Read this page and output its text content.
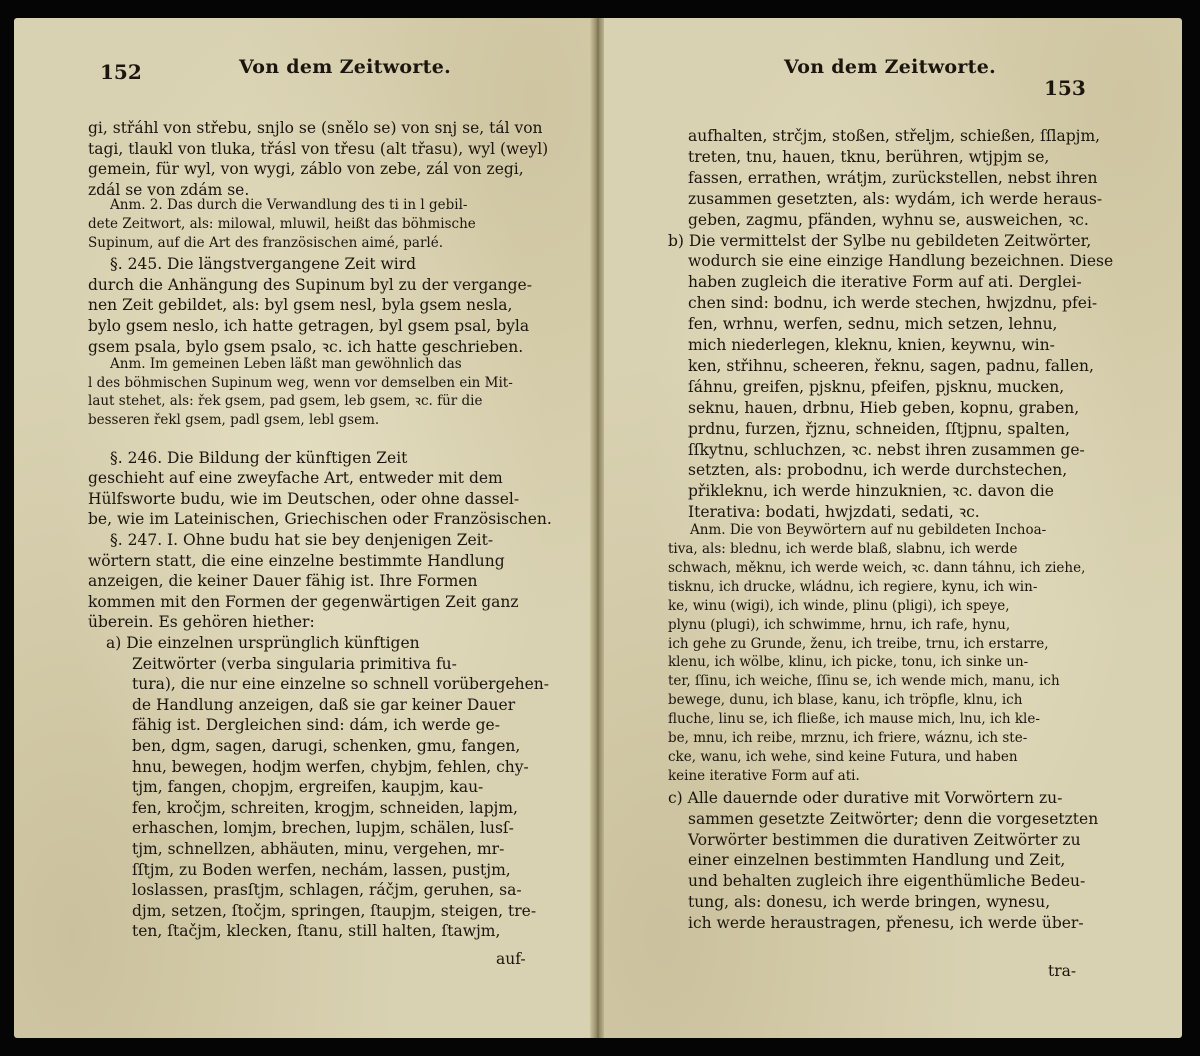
152	Von dem Zeitworte.
gi, střáhl von střebu, snjlo se (snělo se) von snj se, tál von
tagi, tlaukl von tluka, třásl von třesu (alt třasu), wyl (weyl)
gemein, für wyl, von wygi, záblo von zebe, zál von zegi,
zdál se von zdám se.
Anm. 2. Das durch die Verwandlung des ti in l gebil-
dete Zeitwort, als: milowal, mluwil, heißt das böhmische
Supinum, auf die Art des französischen aimé, parlé.
§. 245. Die längstvergangene Zeit wird
durch die Anhängung des Supinum byl zu der vergange-
nen Zeit gebildet, als: byl gsem nesl, byla gsem nesla,
bylo gsem neslo, ich hatte getragen, byl gsem psal, byla
gsem psala, bylo gsem psalo, ꝛc. ich hatte geschrieben.
Anm. Im gemeinen Leben läßt man gewöhnlich das
l des böhmischen Supinum weg, wenn vor demselben ein Mit-
laut stehet, als: řek gsem, pad gsem, leb gsem, ꝛc. für die
besseren řekl gsem, padl gsem, lebl gsem.
§. 246. Die Bildung der künftigen Zeit
geschieht auf eine zweyfache Art, entweder mit dem
Hülfsworte budu, wie im Deutschen, oder ohne dassel-
be, wie im Lateinischen, Griechischen oder Französischen.
§. 247. I. Ohne budu hat sie bey denjenigen Zeit-
wörtern statt, die eine einzelne bestimmte Handlung
anzeigen, die keiner Dauer fähig ist. Ihre Formen
kommen mit den Formen der gegenwärtigen Zeit ganz
überein. Es gehören hiether:
a) Die einzelnen ursprünglich künftigen
Zeitwörter (verba singularia primitiva fu-
tura), die nur eine einzelne so schnell vorübergehen-
de Handlung anzeigen, daß sie gar keiner Dauer
fähig ist. Dergleichen sind: dám, ich werde ge-
ben, dgm, sagen, darugi, schenken, gmu, fangen,
hnu, bewegen, hodjm werfen, chybjm, fehlen, chy-
tjm, fangen, chopjm, ergreifen, kaupjm, kau-
fen, kročjm, schreiten, krogjm, schneiden, lapjm,
erhaschen, lomjm, brechen, lupjm, schälen, lusſ-
tjm, schnellzen, abhäuten, minu, vergehen, mr-
ſſtjm, zu Boden werfen, nechám, lassen, pustjm,
loslassen, prasſtjm, schlagen, ráčjm, geruhen, sa-
djm, setzen, ſtočjm, springen, ſtaupjm, steigen, tre-
ten, ſtačjm, klecken, ſtanu, still halten, ſtawjm,
auf-
153
Von dem Zeitworte.
aufhalten, strčjm, stoßen, střeljm, schießen, ſſlapjm,
treten, tnu, hauen, tknu, berühren, wtjpjm se,
fassen, errathen, wrátjm, zurückstellen, nebst ihren
zusammen gesetzten, als: wydám, ich werde heraus-
geben, zagmu, pfänden, wyhnu se, ausweichen, ꝛc.
b) Die vermittelst der Sylbe nu gebildeten Zeitwörter,
wodurch sie eine einzige Handlung bezeichnen. Diese
haben zugleich die iterative Form auf ati. Derglei-
chen sind: bodnu, ich werde stechen, hwjzdnu, pfei-
fen, wrhnu, werfen, sednu, mich setzen, lehnu,
mich niederlegen, kleknu, knien, keywnu, win-
ken, střihnu, scheeren, řeknu, sagen, padnu, fallen,
ſáhnu, greifen, pjsknu, pfeifen, pjsknu, mucken,
seknu, hauen, drbnu, Hieb geben, kopnu, graben,
prdnu, furzen, řjznu, schneiden, ſſtjpnu, spalten,
ſſkytnu, schluchzen, ꝛc. nebst ihren zusammen ge-
setzten, als: probodnu, ich werde durchstechen,
přikleknu, ich werde hinzuknien, ꝛc. davon die
Iterativa: bodati, hwjzdati, sedati, ꝛc.
Anm. Die von Beywörtern auf nu gebildeten Inchoa-
tiva, als: blednu, ich werde blaß, slabnu, ich werde
schwach, měknu, ich werde weich, ꝛc. dann táhnu, ich ziehe,
tisknu, ich drucke, wládnu, ich regiere, kynu, ich win-
ke, winu (wigi), ich winde, plinu (pligi), ich speye,
plynu (plugi), ich schwimme, hrnu, ich rafe, hynu,
ich gehe zu Grunde, ženu, ich treibe, trnu, ich erstarre,
klenu, ich wölbe, klinu, ich picke, tonu, ich sinke un-
ter, ſſinu, ich weiche, ſſinu se, ich wende mich, manu, ich
bewege, dunu, ich blase, kanu, ich tröpfle, klnu, ich
fluche, linu se, ich fließe, ich mause mich, lnu, ich kle-
be, mnu, ich reibe, mrznu, ich friere, wáznu, ich ste-
cke, wanu, ich wehe, sind keine Futura, und haben
keine iterative Form auf ati.
c) Alle dauernde oder durative mit Vorwörtern zu-
sammen gesetzte Zeitwörter; denn die vorgesetzten
Vorwörter bestimmen die durativen Zeitwörter zu
einer einzelnen bestimmten Handlung und Zeit,
und behalten zugleich ihre eigenthümliche Bedeu-
tung, als: donesu, ich werde bringen, wynesu,
ich werde heraustragen, přenesu, ich werde über-
tra-
